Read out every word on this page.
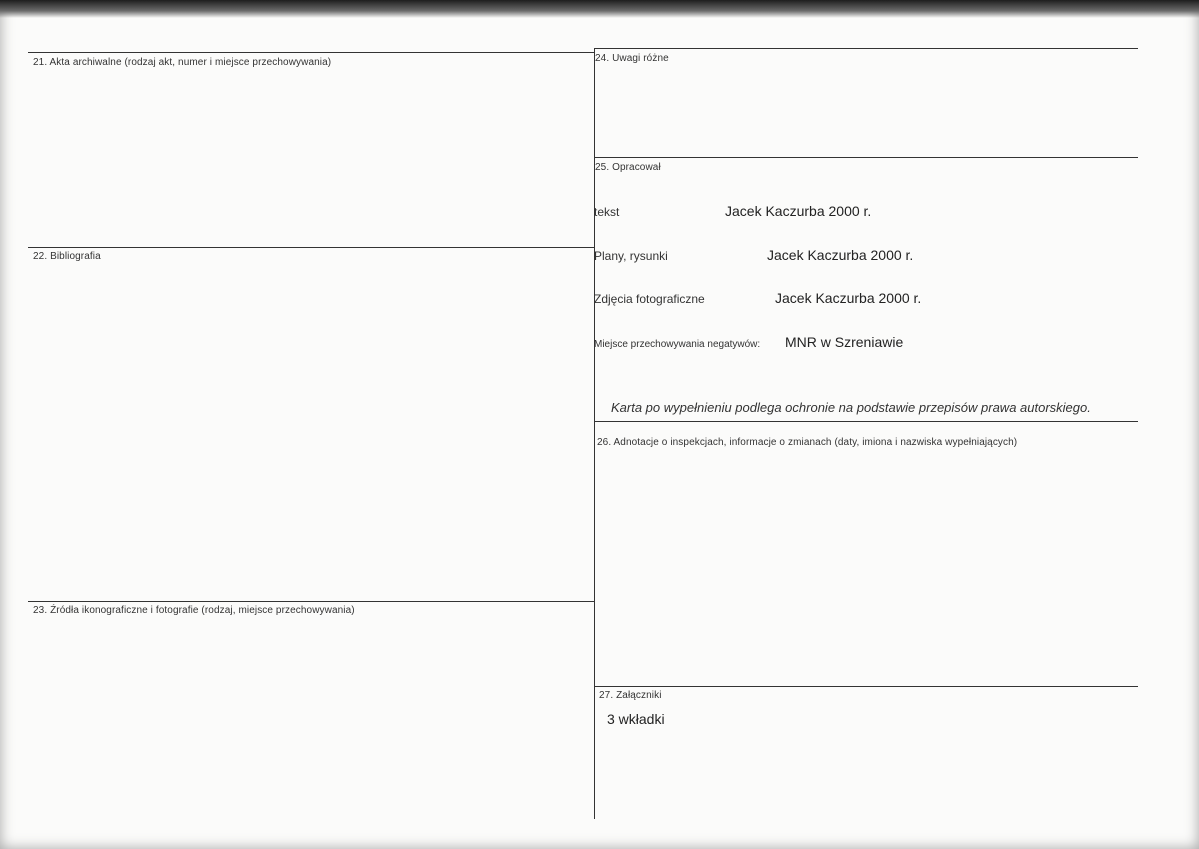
21. Akta archiwalne (rodzaj akt, numer i miejsce przechowywania)
22. Bibliografia
23. Źródła ikonograficzne i fotografie (rodzaj, miejsce przechowywania)
24. Uwagi różne
25. Opracował
26. Adnotacje o inspekcjach, informacje o zmianach (daty, imiona i nazwiska wypełniających)
27. Załączniki
tekst	Jacek Kaczurba 2000 r.
Plany, rysunki	Jacek Kaczurba 2000 r.
Zdjęcia fotograficzne	Jacek Kaczurba 2000 r.
Miejsce przechowywania negatywów: MNR w Szreniawie
Karta po wypełnieniu podlega ochronie na podstawie przepisów prawa autorskiego.
3 wkładki
